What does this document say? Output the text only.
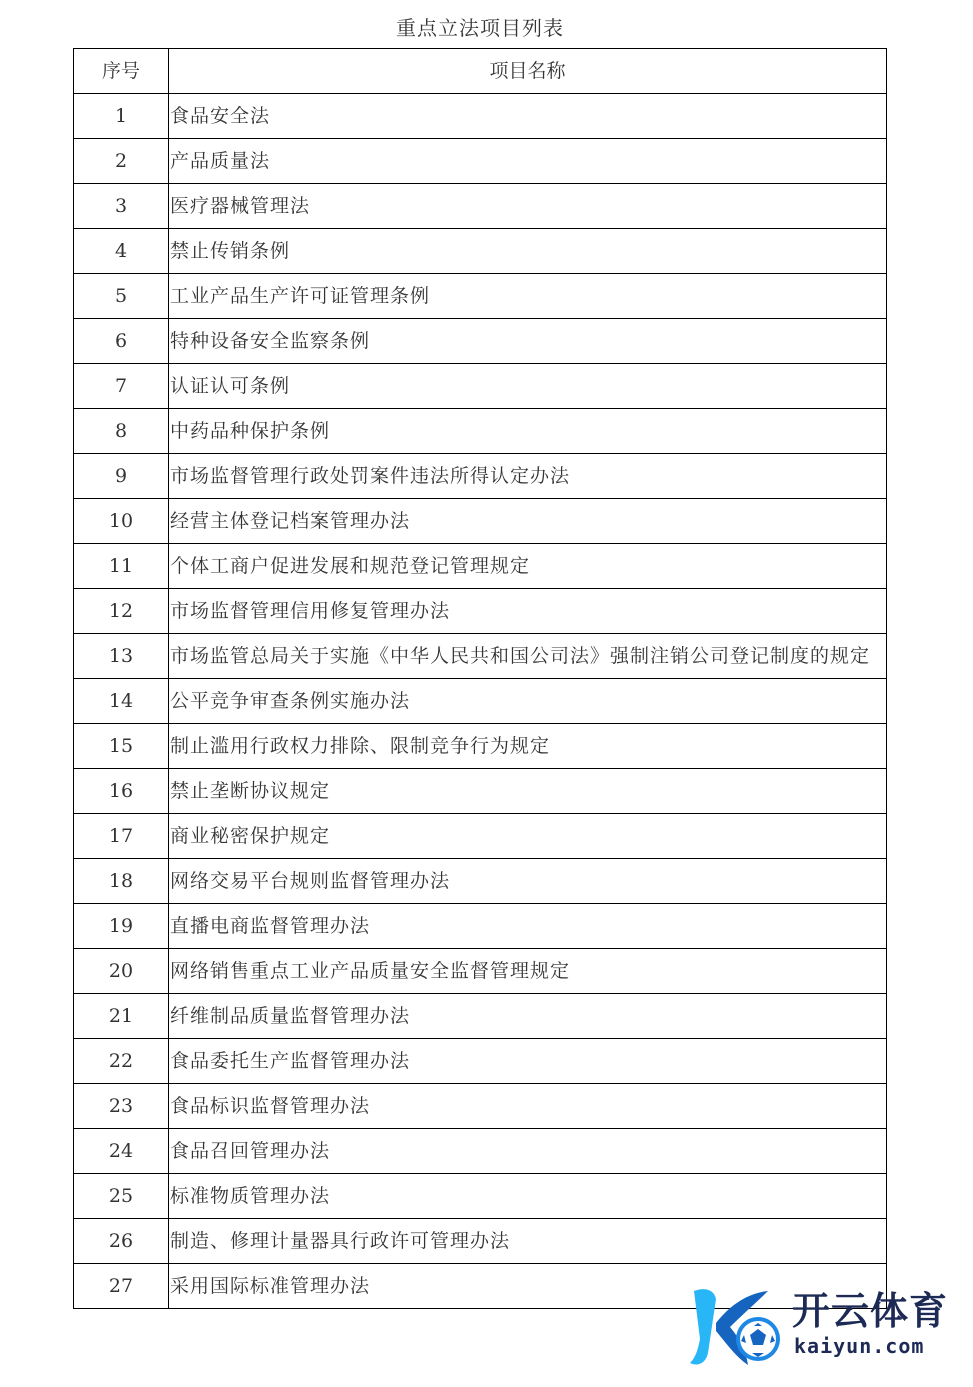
重点立法项目列表
序号	项目名称
1	食品安全法
2	产品质量法
3	医疗器械管理法
4	禁止传销条例
5	工业产品生产许可证管理条例
6	特种设备安全监察条例
7	认证认可条例
8	中药品种保护条例
9	市场监督管理行政处罚案件违法所得认定办法
10	经营主体登记档案管理办法
11	个体工商户促进发展和规范登记管理规定
12	市场监督管理信用修复管理办法
13	市场监管总局关于实施《中华人民共和国公司法》强制注销公司登记制度的规定
14	公平竞争审查条例实施办法
15	制止滥用行政权力排除、限制竞争行为规定
16	禁止垄断协议规定
17	商业秘密保护规定
18	网络交易平台规则监督管理办法
19	直播电商监督管理办法
20	网络销售重点工业产品质量安全监督管理规定
21	纤维制品质量监督管理办法
22	食品委托生产监督管理办法
23	食品标识监督管理办法
24	食品召回管理办法
25	标准物质管理办法
26	制造、修理计量器具行政许可管理办法
27	采用国际标准管理办法
开云体育
kaiyun.com
